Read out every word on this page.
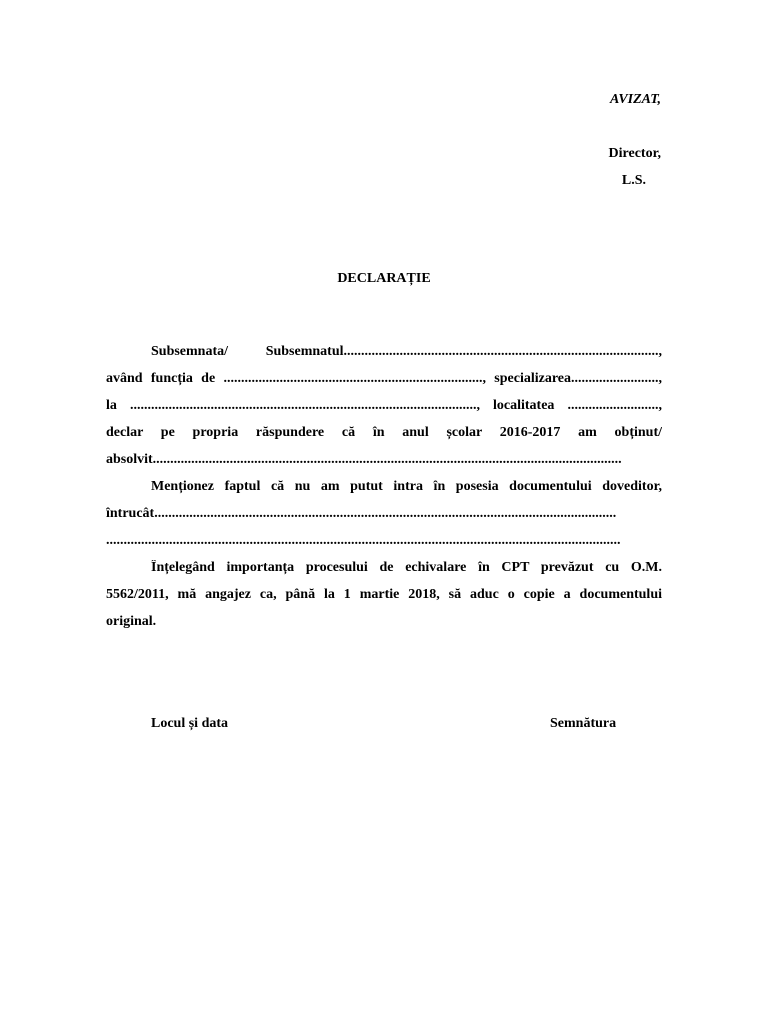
AVIZAT,
Director,
L.S.
DECLARAȚIE
Subsemnata/ Subsemnatul..........................................................................................,
având funcția de .........................................................................., specializarea.........................,
la ..................................................................................................., localitatea ..........................,
declar pe propria răspundere că în anul școlar 2016-2017 am obținut/
absolvit......................................................................................................................................
Menționez faptul că nu am putut intra în posesia documentului doveditor,
întrucât....................................................................................................................................
...................................................................................................................................................
Înțelegând importanța procesului de echivalare în CPT prevăzut cu O.M.
5562/2011, mă angajez ca, până la 1 martie 2018, să aduc o copie a documentului
original.
Locul și data	Semnătura
